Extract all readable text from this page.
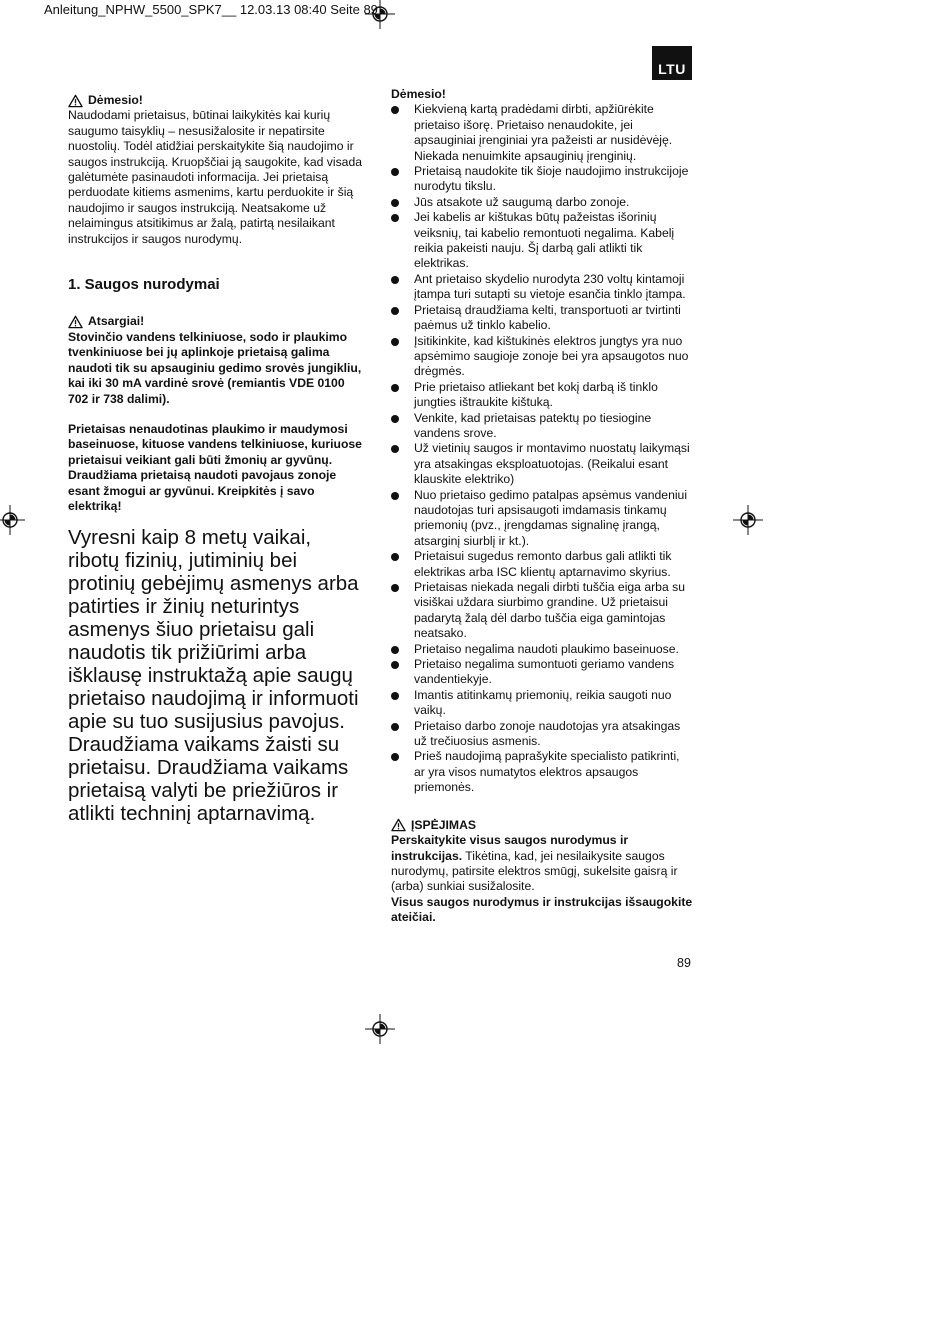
Anleitung_NPHW_5500_SPK7__ 12.03.13 08:40 Seite 89
LTU
Dėmesio!

Naudodami prietaisus, būtinai laikykitės kai kurių saugumo taisyklių – nesusižalosite ir nepatirsite nuostolių. Todėl atidžiai perskaitykite šią naudojimo ir saugos instrukciją. Kruopščiai ją saugokite, kad visada galėtumėte pasinaudoti informacija. Jei prietaisą perduodate kitiems asmenims, kartu perduokite ir šią naudojimo ir saugos instrukciją. Neatsakome už nelaimingus atsitikimus ar žalą, patirtą nesilaikant instrukcijos ir saugos nurodymų.

1. Saugos nurodymai
Atsargiai!

Stovinčio vandens telkiniuose, sodo ir plaukimo tvenkiniuose bei jų aplinkoje prietaisą galima naudoti tik su apsauginiu gedimo srovės jungikliu, kai iki 30 mA vardinė srovė (remiantis VDE 0100 702 ir 738 dalimi).

Prietaisas nenaudotinas plaukimo ir maudymosi baseinuose, kituose vandens telkiniuose, kuriuose prietaisui veikiant gali būti žmonių ar gyvūnų. Draudžiama prietaisą naudoti pavojaus zonoje esant žmogui ar gyvūnui. Kreipkitės į savo elektriką!

Vyresni kaip 8 metų vaikai, ribotų fizinių, jutiminių bei protinių gebėjimų asmenys arba patirties ir žinių neturintys asmenys šiuo prietaisu gali naudotis tik prižiūrimi arba išklausę instruktažą apie saugų prietaiso naudojimą ir informuoti apie su tuo susijusius pavojus. Draudžiama vaikams žaisti su prietaisu. Draudžiama vaikams prietaisą valyti be priežiūros ir atlikti techninį aptarnavimą.

Dėmesio!
Kiekvieną kartą pradėdami dirbti, apžiūrėkite prietaiso išorę. Prietaiso nenaudokite, jei apsauginiai įrenginiai yra pažeisti ar nusidėvėję. Niekada nenuimkite apsauginių įrenginių.
Prietaisą naudokite tik šioje naudojimo instrukcijoje nurodytu tikslu.
Jūs atsakote už saugumą darbo zonoje.
Jei kabelis ar kištukas būtų pažeistas išorinių veiksnių, tai kabelio remontuoti negalima. Kabelį reikia pakeisti nauju. Šį darbą gali atlikti tik elektrikas.
Ant prietaiso skydelio nurodyta 230 voltų kintamoji įtampa turi sutapti su vietoje esančia tinklo įtampa.
Prietaisą draudžiama kelti, transportuoti ar tvirtinti paėmus už tinklo kabelio.
Įsitikinkite, kad kištukinės elektros jungtys yra nuo apsėmimo saugioje zonoje bei yra apsaugotos nuo drėgmės.
Prie prietaiso atliekant bet kokį darbą iš tinklo jungties ištraukite kištuką.
Venkite, kad prietaisas patektų po tiesiogine vandens srove.
Už vietinių saugos ir montavimo nuostatų laikymąsi yra atsakingas eksploatuotojas. (Reikalui esant klauskite elektriko)
Nuo prietaiso gedimo patalpas apsėmus vandeniui naudotojas turi apsisaugoti imdamasis tinkamų priemonių (pvz., įrengdamas signalinę įrangą, atsarginį siurblį ir kt.).
Prietaisui sugedus remonto darbus gali atlikti tik elektrikas arba ISC klientų aptarnavimo skyrius.
Prietaisas niekada negali dirbti tuščia eiga arba su visiškai uždara siurbimo grandine. Už prietaisui padarytą žalą dėl darbo tuščia eiga gamintojas neatsako.
Prietaiso negalima naudoti plaukimo baseinuose.
Prietaiso negalima sumontuoti geriamo vandens vandentiekyje.
Imantis atitinkamų priemonių, reikia saugoti nuo vaikų.
Prietaiso darbo zonoje naudotojas yra atsakingas už trečiuosius asmenis.
Prieš naudojimą paprašykite specialisto patikrinti, ar yra visos numatytos elektros apsaugos priemonės.
ĮSPĖJIMAS

Perskaitykite visus saugos nurodymus ir instrukcijas. Tikėtina, kad, jei nesilaikysite saugos nurodymų, patirsite elektros smūgį, sukelsite gaisrą ir (arba) sunkiai susižalosite.

Visus saugos nurodymus ir instrukcijas išsaugokite ateičiai.

89
